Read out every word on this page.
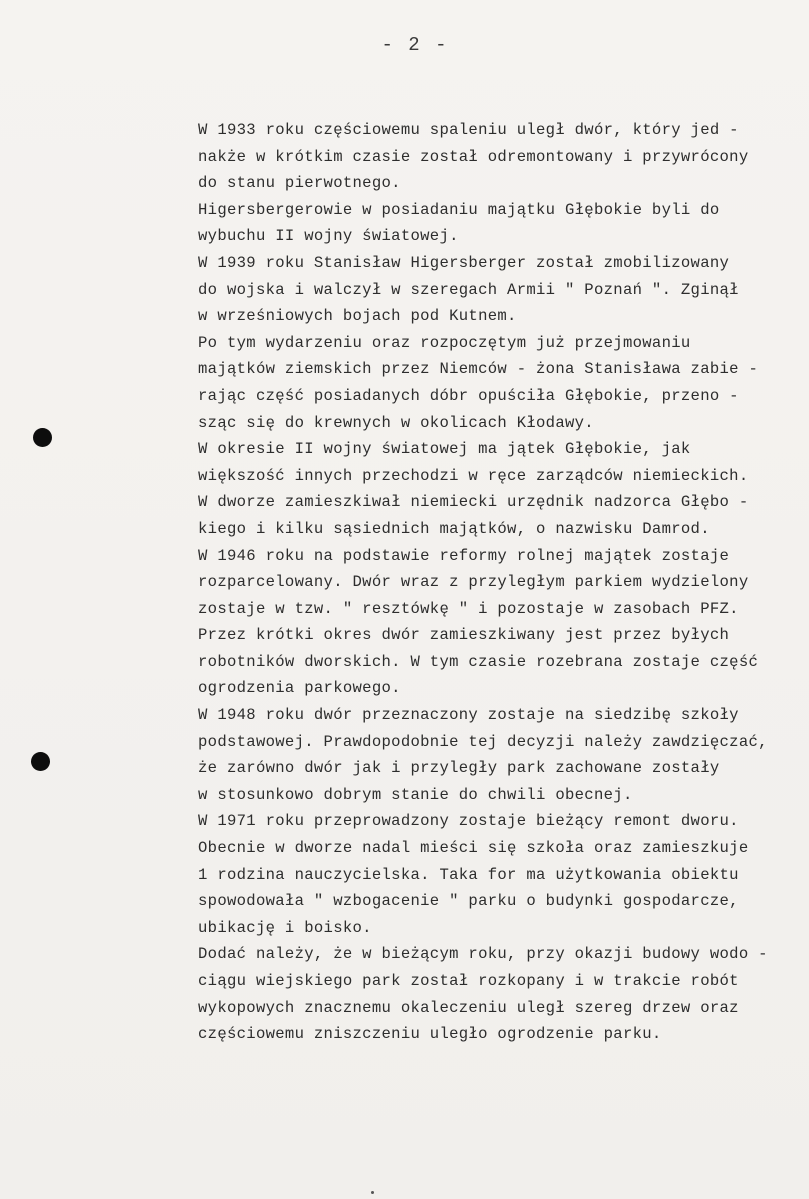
- 2 -
W 1933 roku częściowemu spaleniu uległ dwór, który jed -
nakże w krótkim czasie został odremontowany i przywrócony
do stanu pierwotnego.
Higersbergerowie w posiadaniu majątku Głębokie byli do
wybuchu II wojny światowej.
W 1939 roku Stanisław Higersberger został zmobilizowany
do wojska i walczył w szeregach Armii " Poznań ". Zginął
w wrześniowych bojach pod Kutnem.
Po tym wydarzeniu oraz rozpoczętym już przejmowaniu
majątków ziemskich przez Niemców - żona Stanisława zabie -
rając część posiadanych dóbr opuściła Głębokie, przeno -
sząc się do krewnych w okolicach Kłodawy.
W okresie II wojny światowej ma jątek Głębokie, jak
większość innych przechodzi w ręce zarządców niemieckich.
W dworze zamieszkiwał niemiecki urzędnik nadzorca Głębo -
kiego i kilku sąsiednich majątków, o nazwisku Damrod.
W 1946 roku na podstawie reformy rolnej majątek zostaje
rozparcelowany. Dwór wraz z przyległym parkiem wydzielony
zostaje w tzw. " resztówkę " i pozostaje w zasobach PFZ.
Przez krótki okres dwór zamieszkiwany jest przez byłych
robotników dworskich. W tym czasie rozebrana zostaje część
ogrodzenia parkowego.
W 1948 roku dwór przeznaczony zostaje na siedzibę szkoły
podstawowej. Prawdopodobnie tej decyzji należy zawdzięczać,
że zarówno dwór jak i przyległy park zachowane zostały
w stosunkowo dobrym stanie do chwili obecnej.
W 1971 roku przeprowadzony zostaje bieżący remont dworu.
Obecnie w dworze nadal mieści się szkoła oraz zamieszkuje
1 rodzina nauczycielska. Taka for ma użytkowania obiektu
spowodowała " wzbogacenie " parku o budynki gospodarcze,
ubikację i boisko.
Dodać należy, że w bieżącym roku, przy okazji budowy wodo -
ciągu wiejskiego park został rozkopany i w trakcie robót
wykopowych znacznemu okaleczeniu uległ szereg drzew oraz
częściowemu zniszczeniu uległo ogrodzenie parku.
